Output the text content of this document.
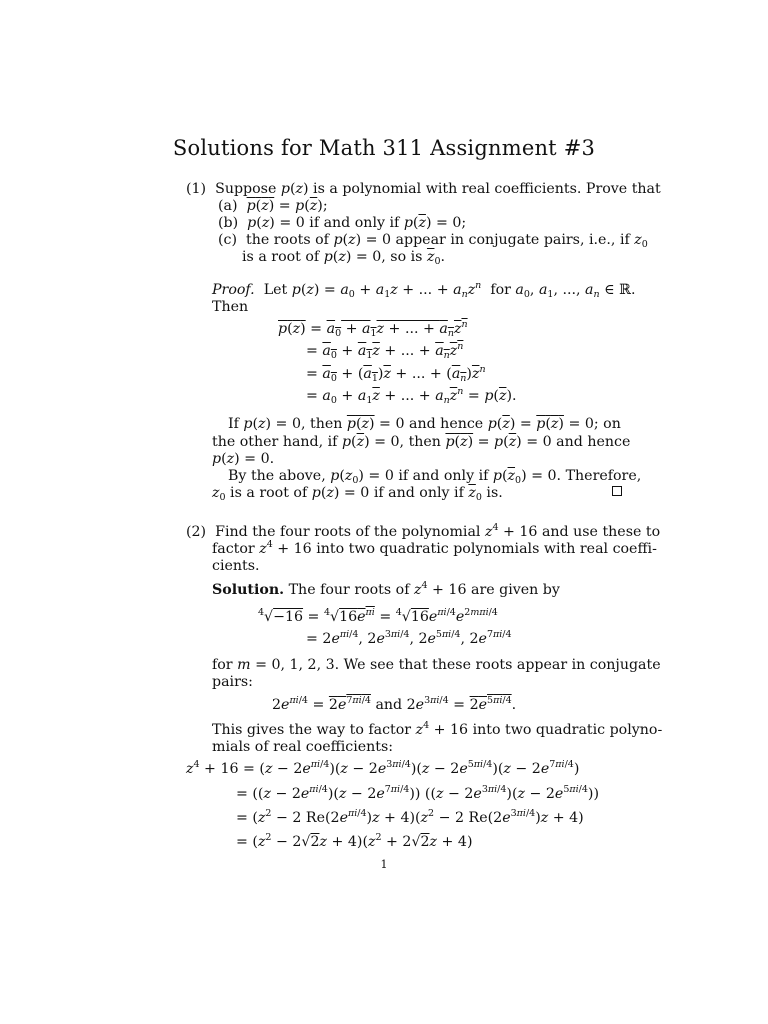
Solutions for Math 311 Assignment #3
(1)  Suppose p(z) is a polynomial with real coefficients. Prove that
(a)  $p(z) = p(\overline{z})$;
(b)  p(z) = 0 if and only if $p(\overline{z}) = 0$;
(c)  the roots of p(z) = 0 appear in conjugate pairs, i.e., if $z_0$
is a root of p(z) = 0, so is $\overline{z}_0$.
Proof.  Let $p(z) = a_0 + a_1z$ + ... + $a_nz^n$  for $a_0$, $a_1$, ..., $a_n$ ∈ ℝ.
Then
$p(z) = a_0 + a_1z$ + ... + $a_nz^n$
= $a_0 + a_1z$ + ... + $a_nz^n$
= $a_0 + (a_1)\overline{z}$ + ... + $(a_n)\overline{z}^n$
= $a_0 + a_1\overline{z}$ + ... + $a_n\overline{z}^n = p(\overline{z})$.
If p(z) = 0, then p(z) = 0 and hence $p(\overline{z}) = p(z) = 0$; on
the other hand, if $p(\overline{z}) = 0$, then $p(z) = p(\overline{z}) = 0$ and hence
p(z) = 0.
By the above, $p(z_0) = 0$ if and only if $p(\overline{z}_0) = 0$. Therefore,
$z_0$ is a root of p(z) = 0 if and only if $\overline{z}_0$ is.
(2)  Find the four roots of the polynomial $z^4 + 16$ and use these to
factor $z^4 + 16$ into two quadratic polynomials with real coeffi-
cients.
Solution. The four roots of $z^4 + 16$ are given by
$^4√-16 = ^4√16e^{\pi i} = ^4√16e^{\pi i/4}e^{2m\pi i/4}$
= $2e^{\pi i/4}$, $2e^{3\pi i/4}$, $2e^{5\pi i/4}$, $2e^{7\pi i/4}$
for m = 0, 1, 2, 3. We see that these roots appear in conjugate
pairs:
$2e^{\pi i/4} = 2e^{7\pi i/4}$ and $2e^{3\pi i/4} = 2e^{5\pi i/4}$.
This gives the way to factor $z^4 + 16$ into two quadratic polyno-
mials of real coefficients:
$z^4 + 16 = (z - 2e^{\pi i/4})(z - 2e^{3\pi i/4})(z - 2e^{5\pi i/4})(z - 2e^{7\pi i/4})$
= $((z - 2e^{\pi i/4})(z - 2e^{7\pi i/4}))$ $((z - 2e^{3\pi i/4})(z - 2e^{5\pi i/4}))$
= ($z^2 - 2$ $Re(2e^{\pi i/4})z + 4)(z^2 - 2$ $Re(2e^{3\pi i/4})z + 4$)
= $(z^2 - 2√2z + 4)(z^2 + 2√2z + 4)$
1
